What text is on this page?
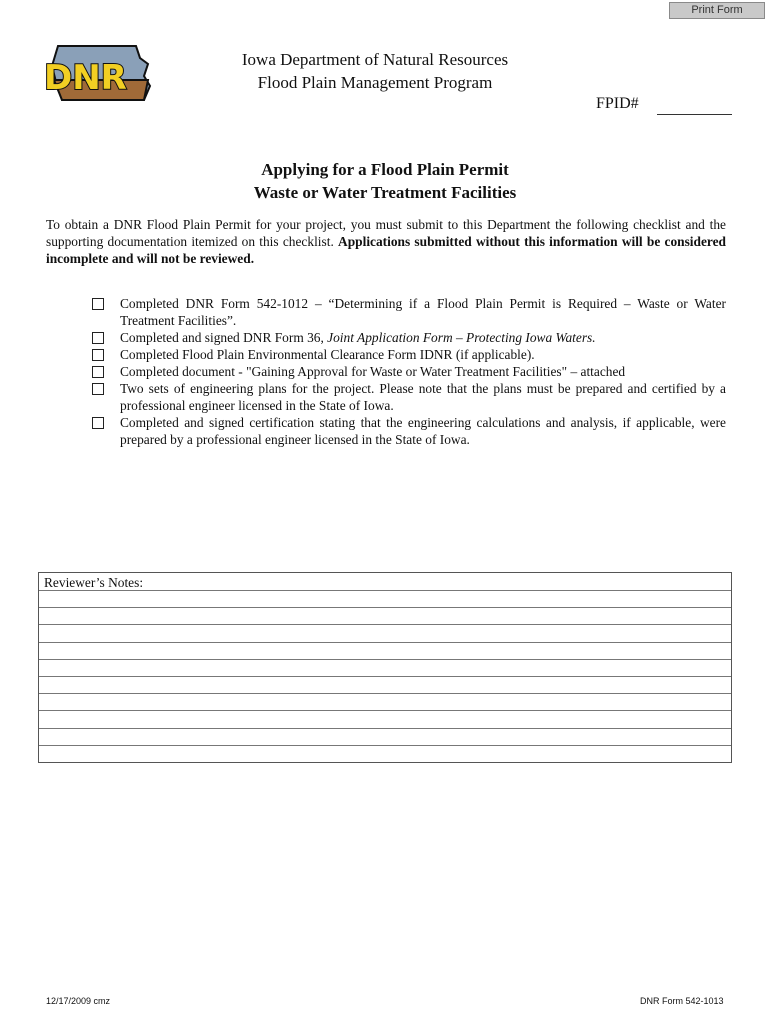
Print Form
DNR	Iowa Department of Natural Resources
Flood Plain Management Program
FPID#
Applying for a Flood Plain Permit
Waste or Water Treatment Facilities
To obtain a DNR Flood Plain Permit for your project, you must submit to this Department the following checklist and the supporting documentation itemized on this checklist. Applications submitted without this information will be considered incomplete and will not be reviewed.
Completed DNR Form 542-1012 – “Determining if a Flood Plain Permit is Required – Waste or Water Treatment Facilities”.
Completed and signed DNR Form 36, Joint Application Form – Protecting Iowa Waters.
Completed Flood Plain Environmental Clearance Form IDNR (if applicable).
Completed document - "Gaining Approval for Waste or Water Treatment Facilities" – attached
Two sets of engineering plans for the project. Please note that the plans must be prepared and certified by a professional engineer licensed in the State of Iowa.
Completed and signed certification stating that the engineering calculations and analysis, if applicable, were prepared by a professional engineer licensed in the State of Iowa.
Reviewer’s Notes:
12/17/2009 cmz	DNR Form 542-1013
